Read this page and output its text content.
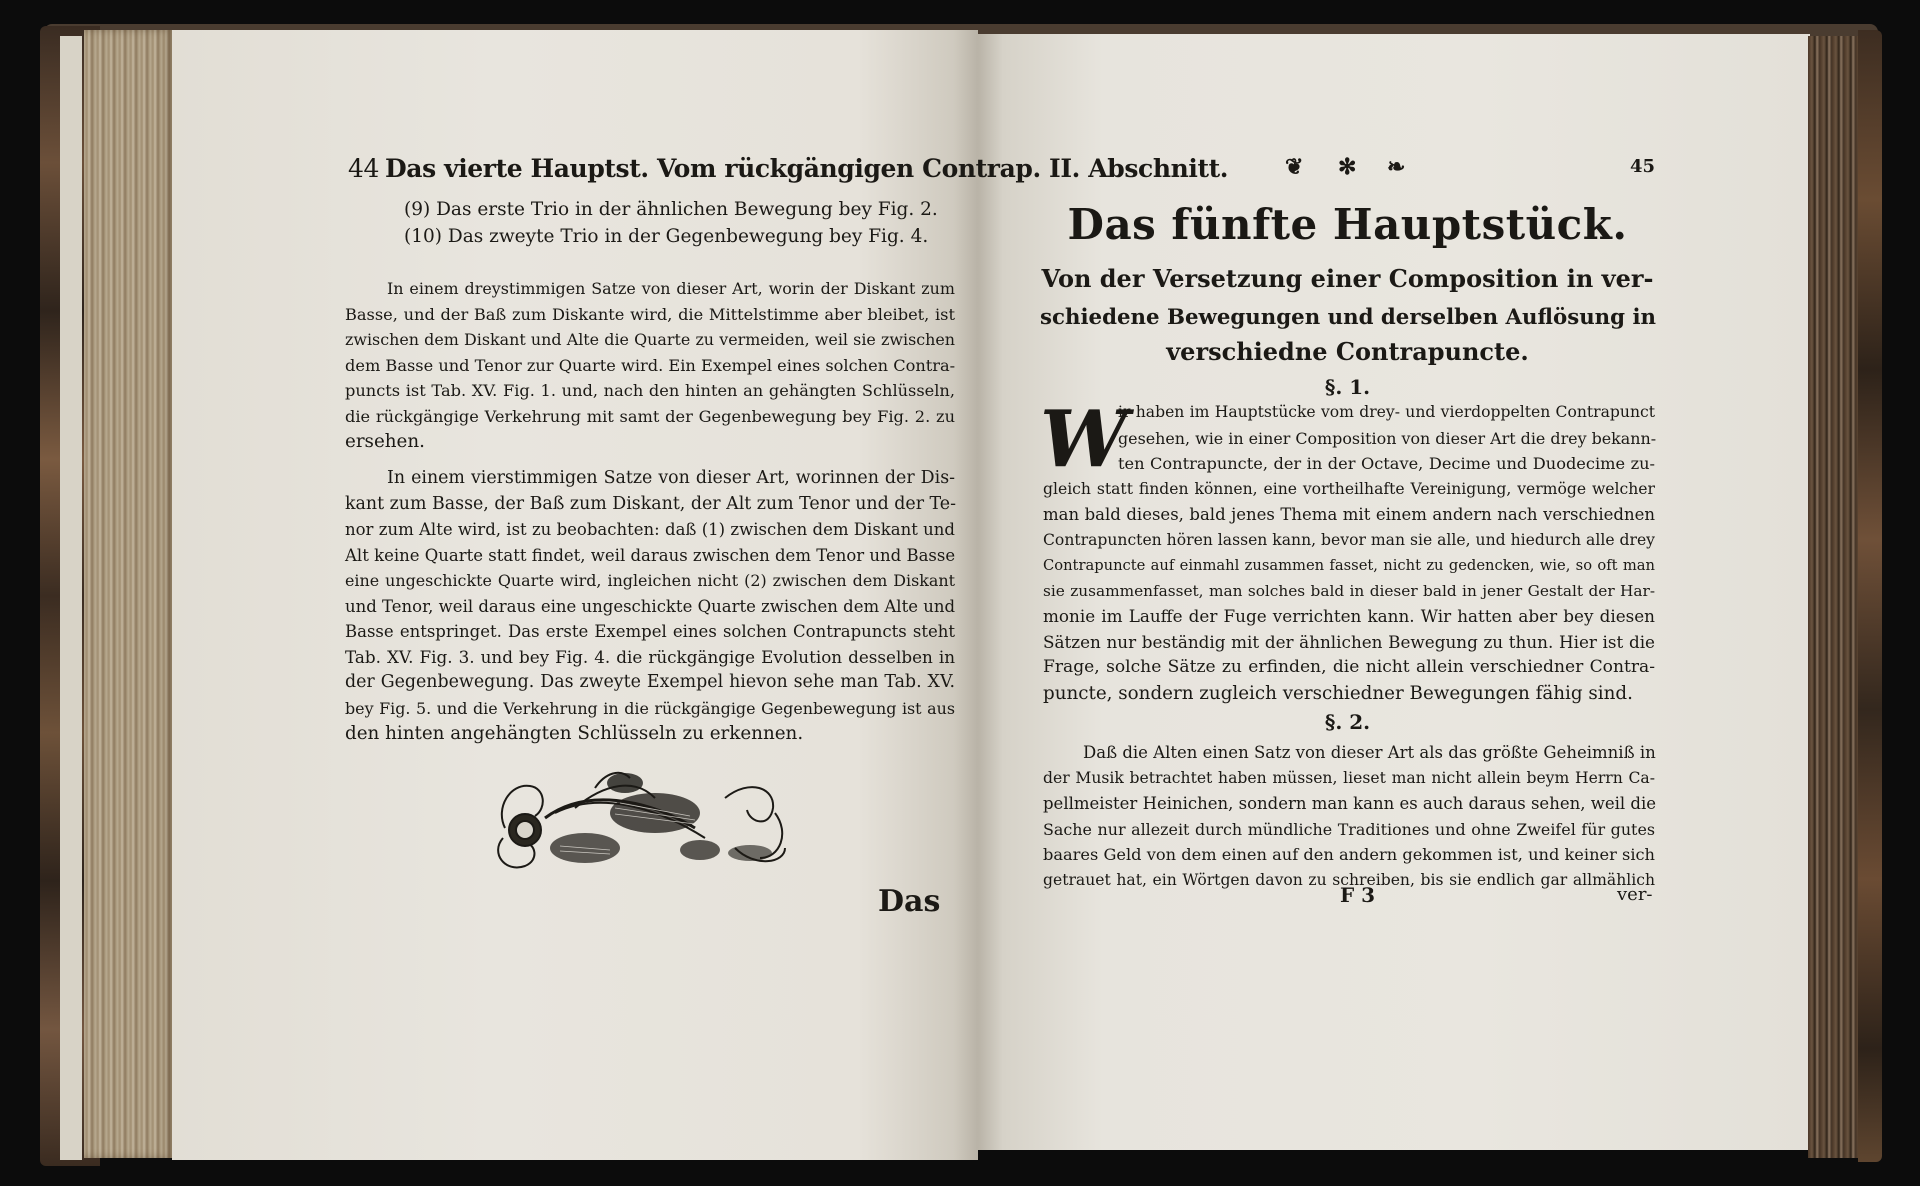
44 Das vierte Hauptst. Vom rückgängigen Contrap. II. Abschnitt.
(9) Das erste Trio in der ähnlichen Bewegung bey Fig. 2.
(10) Das zweyte Trio in der Gegenbewegung bey Fig. 4.
In einem dreystimmigen Satze von dieser Art, worin der Diskant zum
Basse, und der Baß zum Diskante wird, die Mittelstimme aber bleibet, ist
zwischen dem Diskant und Alte die Quarte zu vermeiden, weil sie zwischen
dem Basse und Tenor zur Quarte wird. Ein Exempel eines solchen Contra-
puncts ist Tab. XV. Fig. 1. und, nach den hinten an gehängten Schlüsseln,
die rückgängige Verkehrung mit samt der Gegenbewegung bey Fig. 2. zu
ersehen.
In einem vierstimmigen Satze von dieser Art, worinnen der Dis-
kant zum Basse, der Baß zum Diskant, der Alt zum Tenor und der Te-
nor zum Alte wird, ist zu beobachten: daß (1) zwischen dem Diskant und
Alt keine Quarte statt findet, weil daraus zwischen dem Tenor und Basse
eine ungeschickte Quarte wird, ingleichen nicht (2) zwischen dem Diskant
und Tenor, weil daraus eine ungeschickte Quarte zwischen dem Alte und
Basse entspringet. Das erste Exempel eines solchen Contrapuncts steht
Tab. XV. Fig. 3. und bey Fig. 4. die rückgängige Evolution desselben in
der Gegenbewegung. Das zweyte Exempel hievon sehe man Tab. XV.
bey Fig. 5. und die Verkehrung in die rückgängige Gegenbewegung ist aus
den hinten angehängten Schlüsseln zu erkennen.
Das
❦ ✻ ❧	45
Das fünfte Hauptstück.
Von der Versetzung einer Composition in ver-
schiedene Bewegungen und derselben Auflösung in
verschiedne Contrapuncte.
§. 1.
W
ir haben im Hauptstücke vom drey- und vierdoppelten Contrapunct
gesehen, wie in einer Composition von dieser Art die drey bekann-
ten Contrapuncte, der in der Octave, Decime und Duodecime zu-
gleich statt finden können, eine vortheilhafte Vereinigung, vermöge welcher
man bald dieses, bald jenes Thema mit einem andern nach verschiednen
Contrapuncten hören lassen kann, bevor man sie alle, und hiedurch alle drey
Contrapuncte auf einmahl zusammen fasset, nicht zu gedencken, wie, so oft man
sie zusammenfasset, man solches bald in dieser bald in jener Gestalt der Har-
monie im Lauffe der Fuge verrichten kann. Wir hatten aber bey diesen
Sätzen nur beständig mit der ähnlichen Bewegung zu thun. Hier ist die
Frage, solche Sätze zu erfinden, die nicht allein verschiedner Contra-
puncte, sondern zugleich verschiedner Bewegungen fähig sind.
§. 2.
Daß die Alten einen Satz von dieser Art als das größte Geheimniß in
der Musik betrachtet haben müssen, lieset man nicht allein beym Herrn Ca-
pellmeister Heinichen, sondern man kann es auch daraus sehen, weil die
Sache nur allezeit durch mündliche Traditiones und ohne Zweifel für gutes
baares Geld von dem einen auf den andern gekommen ist, und keiner sich
getrauet hat, ein Wörtgen davon zu schreiben, bis sie endlich gar allmählich
F 3	ver-
